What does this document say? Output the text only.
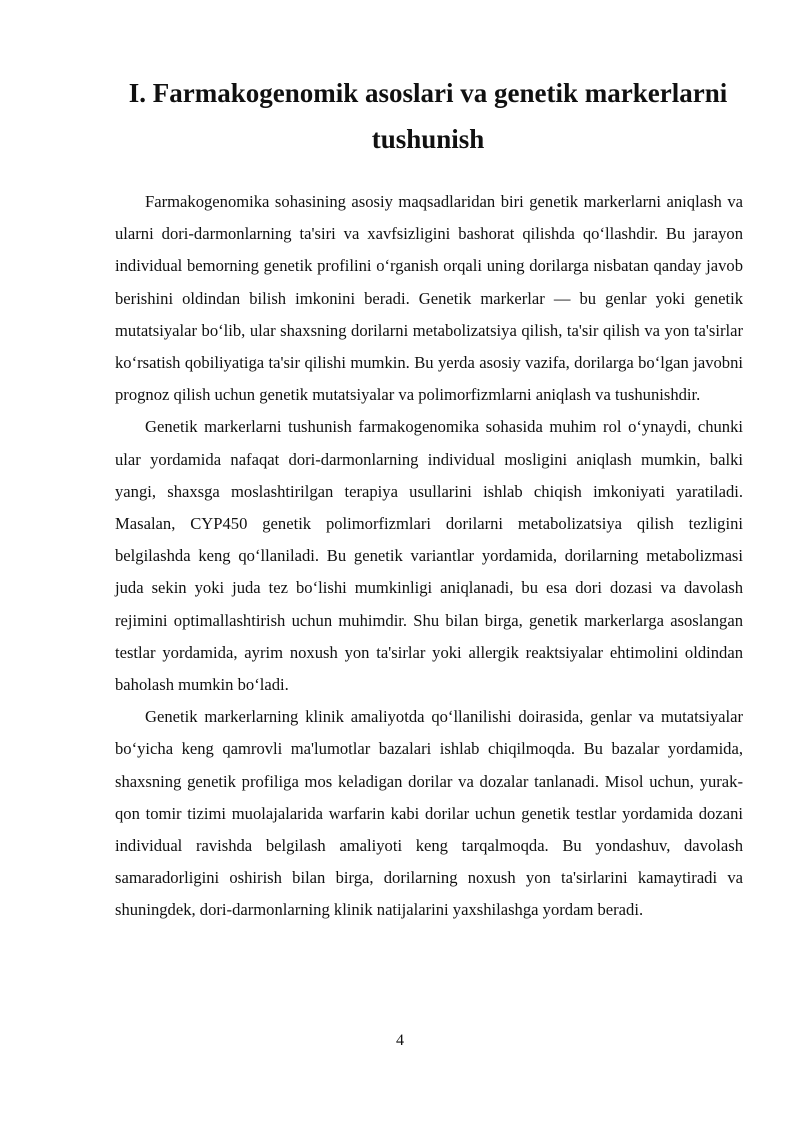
I. Farmakogenomik asoslari va genetik markerlarni tushunish

Farmakogenomika sohasining asosiy maqsadlaridan biri genetik markerlarni aniqlash va ularni dori-darmonlarning ta'siri va xavfsizligini bashorat qilishda qo‘llashdir. Bu jarayon individual bemorning genetik profilini o‘rganish orqali uning dorilarga nisbatan qanday javob berishini oldindan bilish imkonini beradi. Genetik markerlar — bu genlar yoki genetik mutatsiyalar bo‘lib, ular shaxsning dorilarni metabolizatsiya qilish, ta'sir qilish va yon ta'sirlar ko‘rsatish qobiliyatiga ta'sir qilishi mumkin. Bu yerda asosiy vazifa, dorilarga bo‘lgan javobni prognoz qilish uchun genetik mutatsiyalar va polimorfizmlarni aniqlash va tushunishdir.

Genetik markerlarni tushunish farmakogenomika sohasida muhim rol o‘ynaydi, chunki ular yordamida nafaqat dori-darmonlarning individual mosligini aniqlash mumkin, balki yangi, shaxsga moslashtirilgan terapiya usullarini ishlab chiqish imkoniyati yaratiladi. Masalan, CYP450 genetik polimorfizmlari dorilarni metabolizatsiya qilish tezligini belgilashda keng qo‘llaniladi. Bu genetik variantlar yordamida, dorilarning metabolizmasi juda sekin yoki juda tez bo‘lishi mumkinligi aniqlanadi, bu esa dori dozasi va davolash rejimini optimallashtirish uchun muhimdir. Shu bilan birga, genetik markerlarga asoslangan testlar yordamida, ayrim noxush yon ta'sirlar yoki allergik reaktsiyalar ehtimolini oldindan baholash mumkin bo‘ladi.

Genetik markerlarning klinik amaliyotda qo‘llanilishi doirasida, genlar va mutatsiyalar bo‘yicha keng qamrovli ma'lumotlar bazalari ishlab chiqilmoqda. Bu bazalar yordamida, shaxsning genetik profiliga mos keladigan dorilar va dozalar tanlanadi. Misol uchun, yurak-qon tomir tizimi muolajalarida warfarin kabi dorilar uchun genetik testlar yordamida dozani individual ravishda belgilash amaliyoti keng tarqalmoqda. Bu yondashuv, davolash samaradorligini oshirish bilan birga, dorilarning noxush yon ta'sirlarini kamaytiradi va shuningdek, dori-darmonlarning klinik natijalarini yaxshilashga yordam beradi.

4
